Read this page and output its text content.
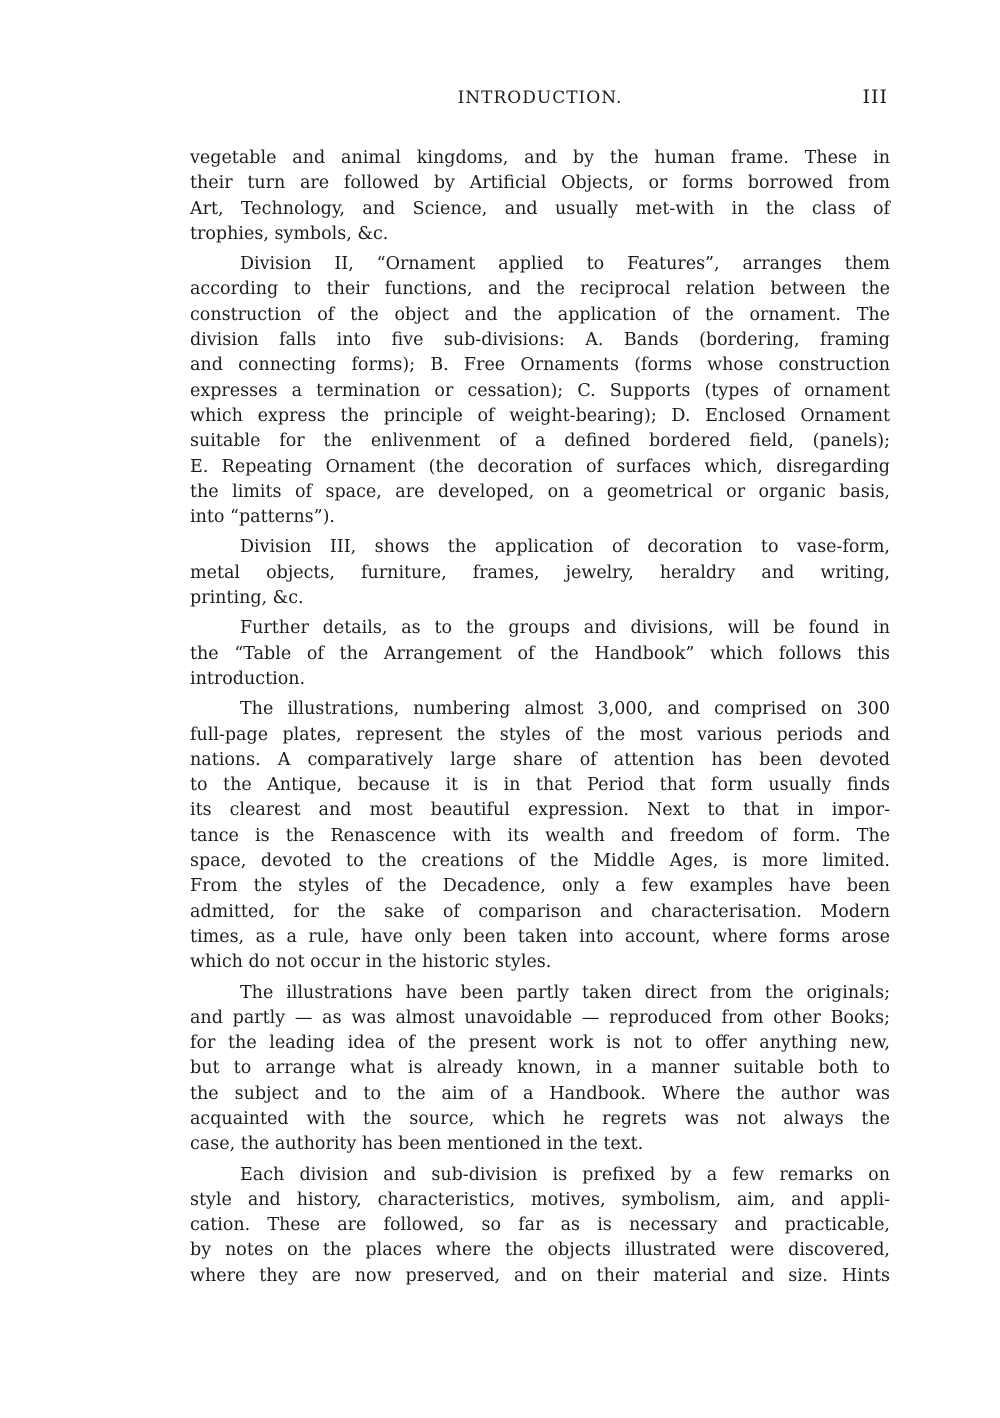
INTRODUCTION.	III
vegetable and animal kingdoms, and by the human frame. These in
their turn are followed by Artificial Objects, or forms borrowed from
Art, Technology, and Science, and usually met-with in the class of
trophies, symbols, &c.
Division II, “Ornament applied to Features”, arranges them
according to their functions, and the reciprocal relation between the
construction of the object and the application of the ornament. The
division falls into five sub-divisions: A. Bands (bordering, framing
and connecting forms); B. Free Ornaments (forms whose construction
expresses a termination or cessation); C. Supports (types of ornament
which express the principle of weight-bearing); D. Enclosed Ornament
suitable for the enlivenment of a defined bordered field, (panels);
E. Repeating Ornament (the decoration of surfaces which, disregarding
the limits of space, are developed, on a geometrical or organic basis,
into “patterns”).
Division III, shows the application of decoration to vase-form,
metal objects, furniture, frames, jewelry, heraldry and writing,
printing, &c.
Further details, as to the groups and divisions, will be found in
the “Table of the Arrangement of the Handbook” which follows this
introduction.
The illustrations, numbering almost 3,000, and comprised on 300
full-page plates, represent the styles of the most various periods and
nations. A comparatively large share of attention has been devoted
to the Antique, because it is in that Period that form usually finds
its clearest and most beautiful expression. Next to that in impor-
tance is the Renascence with its wealth and freedom of form. The
space, devoted to the creations of the Middle Ages, is more limited.
From the styles of the Decadence, only a few examples have been
admitted, for the sake of comparison and characterisation. Modern
times, as a rule, have only been taken into account, where forms arose
which do not occur in the historic styles.
The illustrations have been partly taken direct from the originals;
and partly — as was almost unavoidable — reproduced from other Books;
for the leading idea of the present work is not to offer anything new,
but to arrange what is already known, in a manner suitable both to
the subject and to the aim of a Handbook. Where the author was
acquainted with the source, which he regrets was not always the
case, the authority has been mentioned in the text.
Each division and sub-division is prefixed by a few remarks on
style and history, characteristics, motives, symbolism, aim, and appli-
cation. These are followed, so far as is necessary and practicable,
by notes on the places where the objects illustrated were discovered,
where they are now preserved, and on their material and size. Hints
